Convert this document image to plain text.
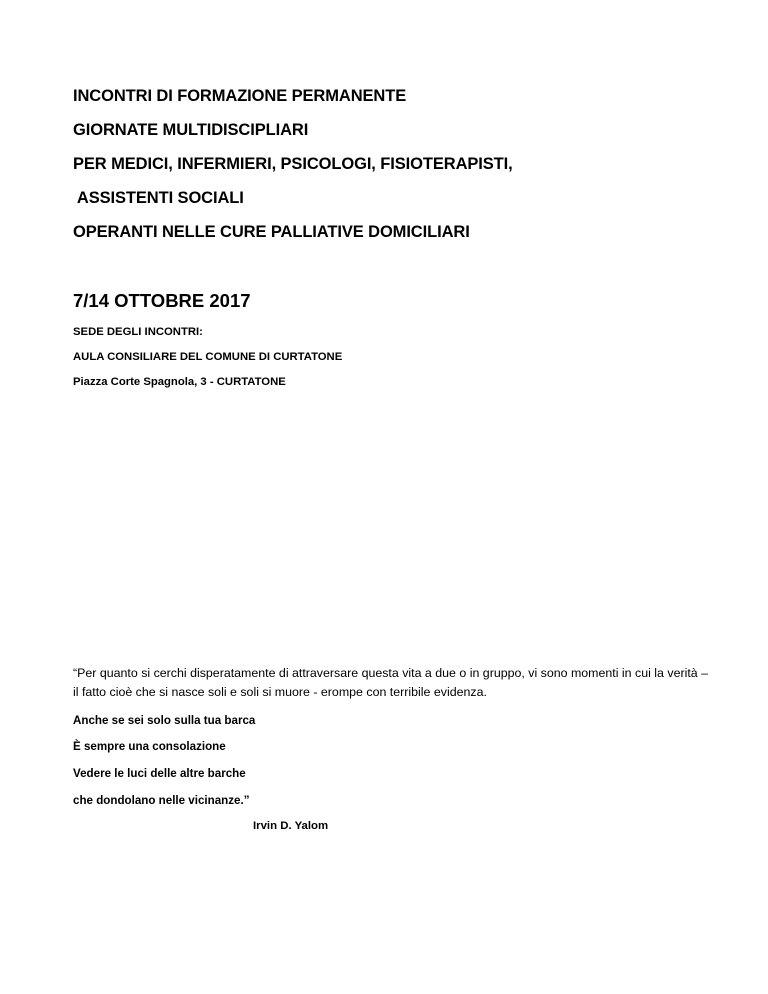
INCONTRI DI FORMAZIONE PERMANENTE

GIORNATE MULTIDISCIPLIARI

PER MEDICI, INFERMIERI, PSICOLOGI, FISIOTERAPISTI,

ASSISTENTI SOCIALI

OPERANTI NELLE CURE PALLIATIVE DOMICILIARI

7/14 OTTOBRE 2017

SEDE DEGLI INCONTRI:

AULA CONSILIARE DEL COMUNE DI CURTATONE

Piazza Corte Spagnola, 3 - CURTATONE

“Per quanto si cerchi disperatamente di attraversare questa vita a due o in gruppo, vi sono momenti in cui la verità – il fatto cioè che si nasce soli e soli si muore - erompe con terribile evidenza.

Anche se sei solo sulla tua barca

È sempre una consolazione

Vedere le luci delle altre barche

che dondolano nelle vicinanze.”

Irvin D. Yalom
